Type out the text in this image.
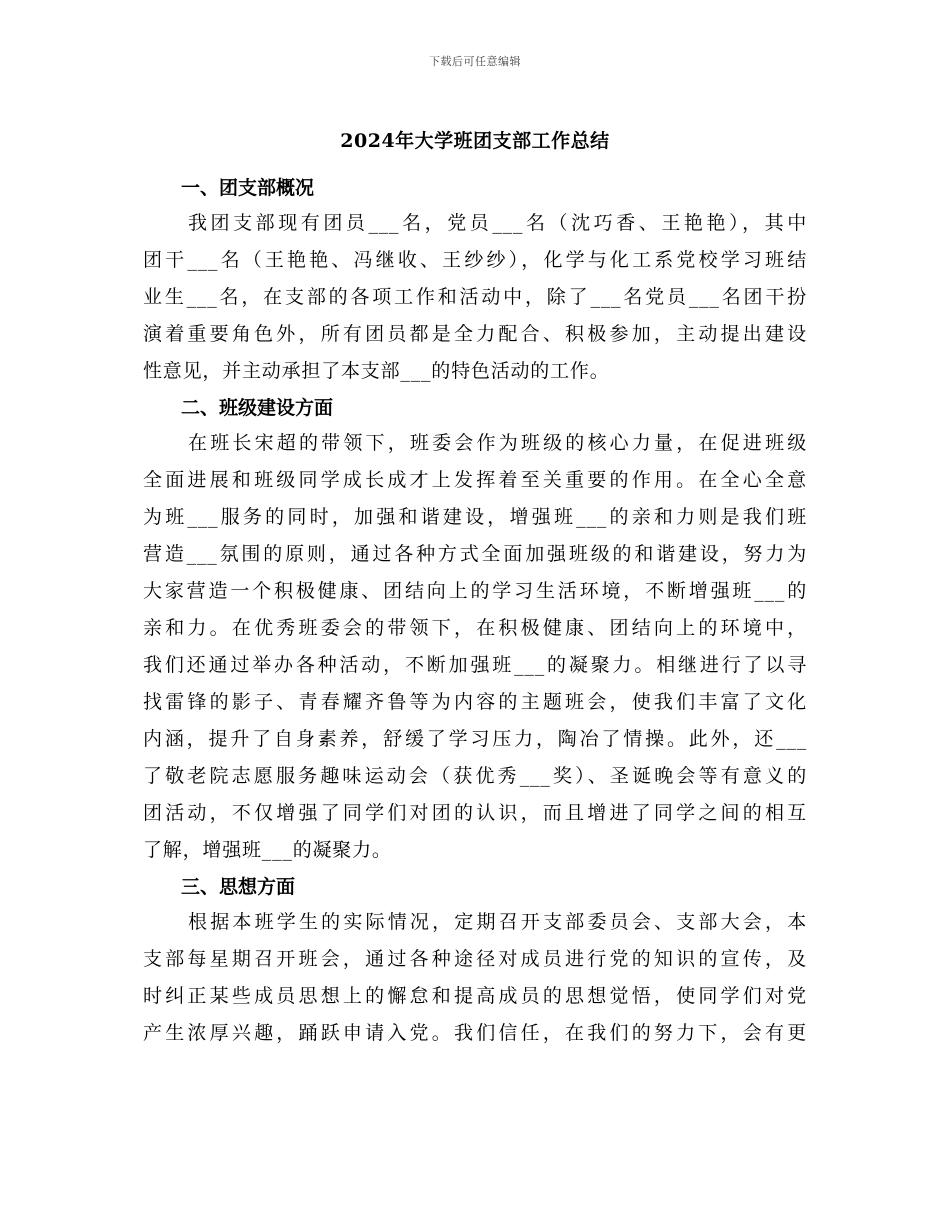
下载后可任意编辑
2024年大学班团支部工作总结
一、团支部概况
我团支部现有团员___名，党员___名（沈巧香、王艳艳），其中
团干___名（王艳艳、冯继收、王纱纱），化学与化工系党校学习班结
业生___名，在支部的各项工作和活动中，除了___名党员___名团干扮
演着重要角色外，所有团员都是全力配合、积极参加，主动提出建设
性意见，并主动承担了本支部___的特色活动的工作。
二、班级建设方面
在班长宋超的带领下，班委会作为班级的核心力量，在促进班级
全面进展和班级同学成长成才上发挥着至关重要的作用。在全心全意
为班___服务的同时，加强和谐建设，增强班___的亲和力则是我们班
营造___氛围的原则，通过各种方式全面加强班级的和谐建设，努力为
大家营造一个积极健康、团结向上的学习生活环境，不断增强班___的
亲和力。在优秀班委会的带领下，在积极健康、团结向上的环境中，
我们还通过举办各种活动，不断加强班___的凝聚力。相继进行了以寻
找雷锋的影子、青春耀齐鲁等为内容的主题班会，使我们丰富了文化
内涵，提升了自身素养，舒缓了学习压力，陶冶了情操。此外，还___
了敬老院志愿服务趣味运动会（获优秀___奖）、圣诞晚会等有意义的
团活动，不仅增强了同学们对团的认识，而且增进了同学之间的相互
了解，增强班___的凝聚力。
三、思想方面
根据本班学生的实际情况，定期召开支部委员会、支部大会，本
支部每星期召开班会，通过各种途径对成员进行党的知识的宣传，及
时纠正某些成员思想上的懈怠和提高成员的思想觉悟，使同学们对党
产生浓厚兴趣，踊跃申请入党。我们信任，在我们的努力下，会有更
